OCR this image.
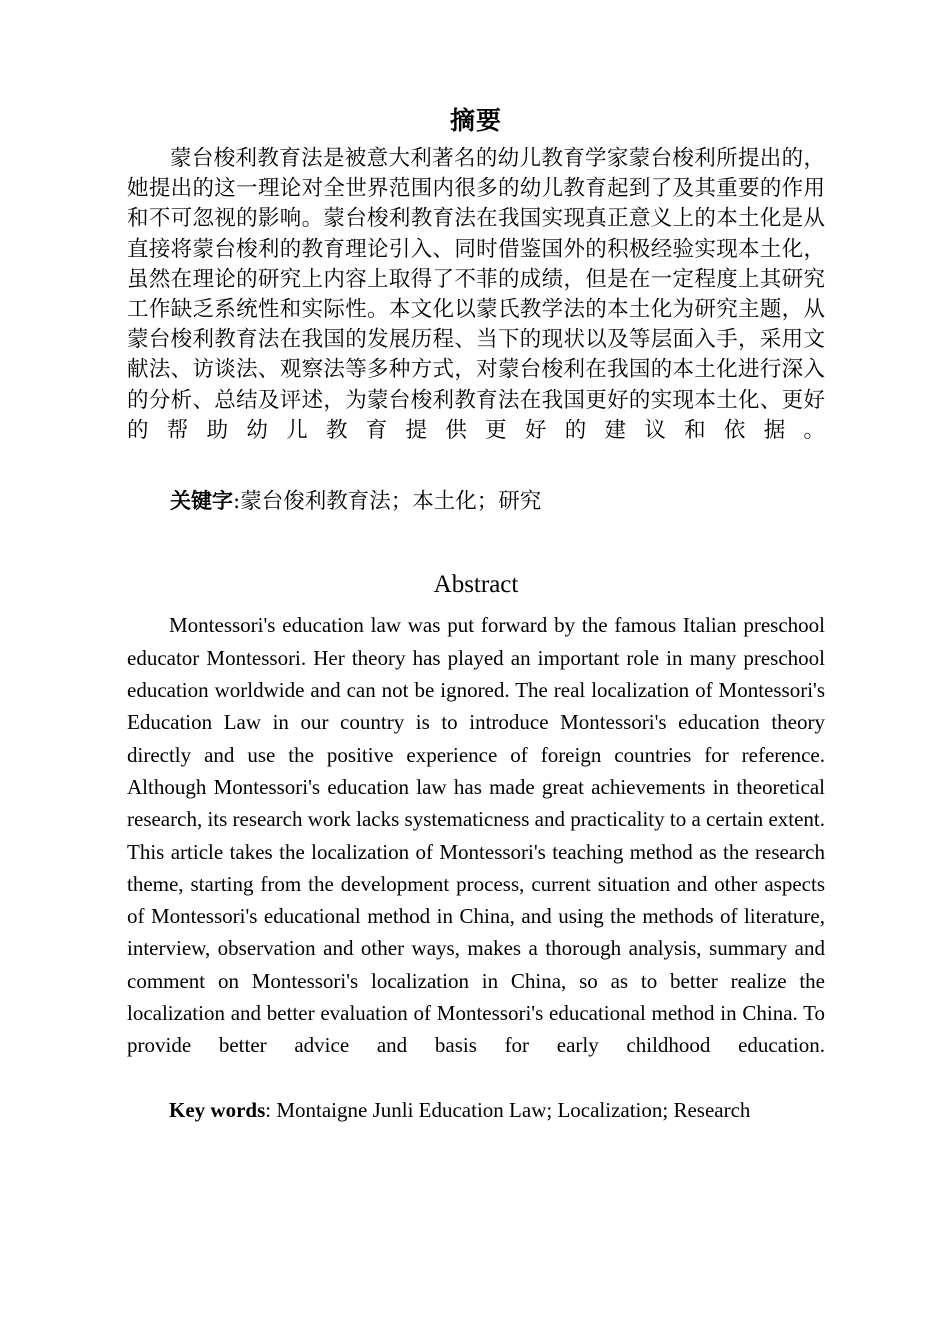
摘要

蒙台梭利教育法是被意大利著名的幼儿教育学家蒙台梭利所提出的，她提出的这一理论对全世界范围内很多的幼儿教育起到了及其重要的作用和不可忽视的影响。蒙台梭利教育法在我国实现真正意义上的本土化是从直接将蒙台梭利的教育理论引入、同时借鉴国外的积极经验实现本土化，虽然在理论的研究上内容上取得了不菲的成绩，但是在一定程度上其研究工作缺乏系统性和实际性。本文化以蒙氏教学法的本土化为研究主题，从蒙台梭利教育法在我国的发展历程、当下的现状以及等层面入手，采用文献法、访谈法、观察法等多种方式，对蒙台梭利在我国的本土化进行深入的分析、总结及评述，为蒙台梭利教育法在我国更好的实现本土化、更好的帮助幼儿教育提供更好的建议和依据。

关键字:蒙台俊利教育法；本土化；研究

Abstract

Montessori's education law was put forward by the famous Italian preschool educator Montessori. Her theory has played an important role in many preschool education worldwide and can not be ignored. The real localization of Montessori's Education Law in our country is to introduce Montessori's education theory directly and use the positive experience of foreign countries for reference. Although Montessori's education law has made great achievements in theoretical research, its research work lacks systematicness and practicality to a certain extent. This article takes the localization of Montessori's teaching method as the research theme, starting from the development process, current situation and other aspects of Montessori's educational method in China, and using the methods of literature, interview, observation and other ways, makes a thorough analysis, summary and comment on Montessori's localization in China, so as to better realize the localization and better evaluation of Montessori's educational method in China. To provide better advice and basis for early childhood education.

Key words: Montaigne Junli Education Law; Localization; Research
